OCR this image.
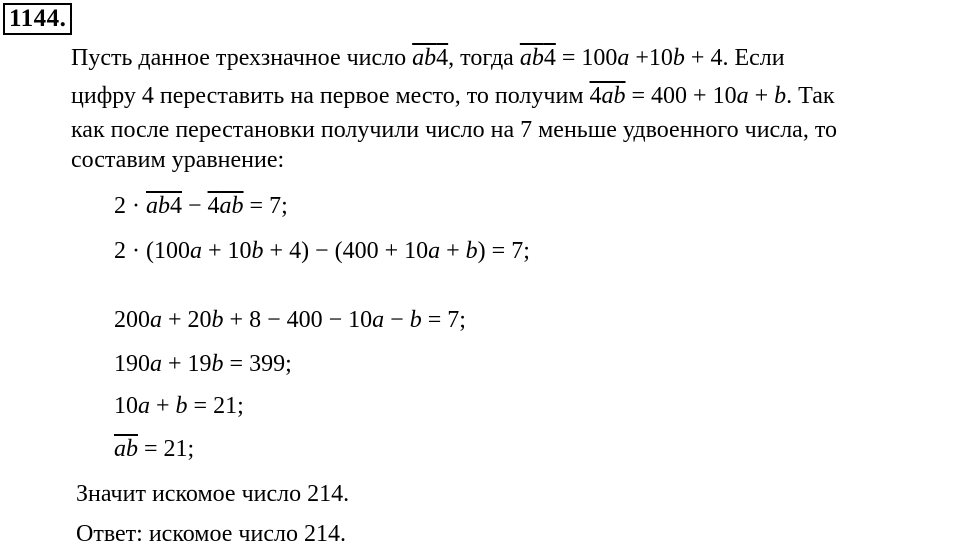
1144.
Пусть данное трехзначное число ab4, тогда ab4 = 100a +10b + 4. Если
цифру 4 переставить на первое место, то получим 4ab = 400 + 10a + b. Так
как после перестановки получили число на 7 меньше удвоенного числа, то
составим уравнение:
2 · ab4 − 4ab = 7;
2 · (100a + 10b + 4) − (400 + 10a + b) = 7;
200a + 20b + 8 − 400 − 10a − b = 7;
190a + 19b = 399;
10a + b = 21;
$\overline{ab} = 21$;
Значит искомое число 214.
Ответ: искомое число 214.
